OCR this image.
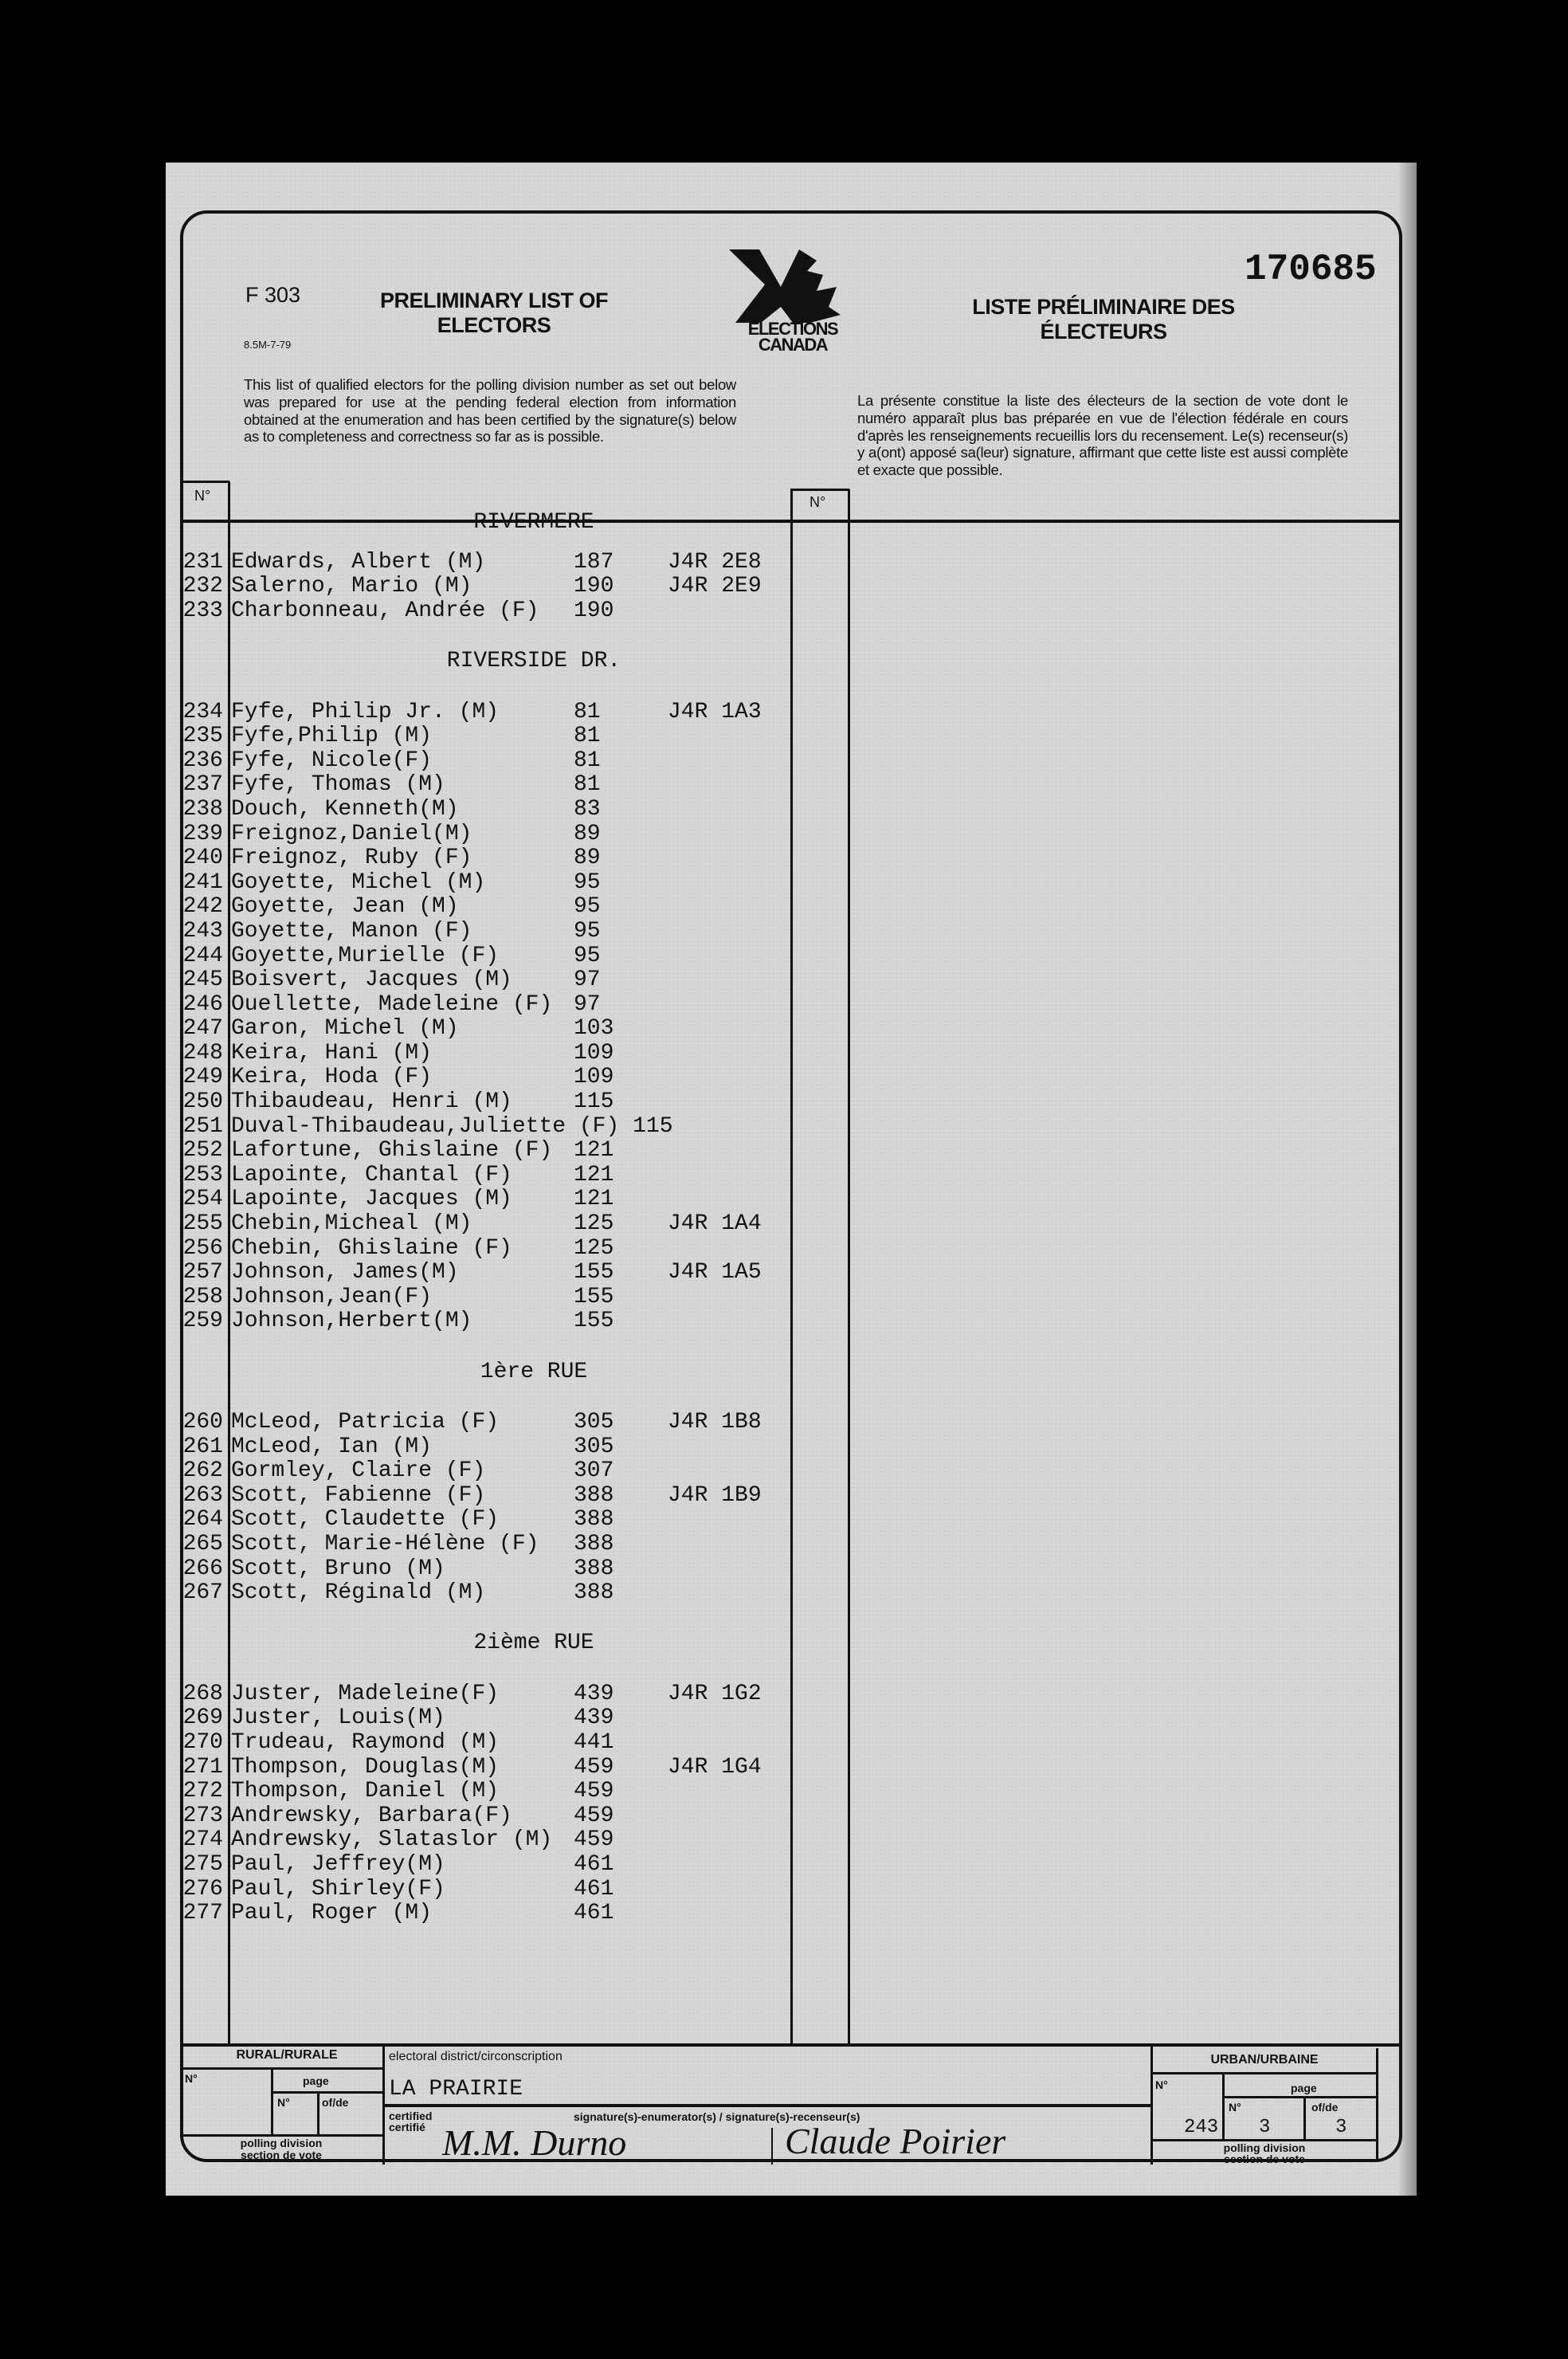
F 303
8.5M-7-79
PRELIMINARY LIST OF ELECTORS	ELECTIONS CANADA
170685
LISTE PRÉLIMINAIRE DES ÉLECTEURS
This list of qualified electors for the polling division number as set out below was prepared for use at the pending federal election from information obtained at the enumeration and has been certified by the signature(s) below as to completeness and correctness so far as is possible.
La présente constitue la liste des électeurs de la section de vote dont le numéro apparaît plus bas préparée en vue de l'élection fédérale en cours d'après les renseignements recueillis lors du recensement. Le(s) recenseur(s) y a(ont) apposé sa(leur) signature, affirmant que cette liste est aussi complète et exacte que possible.
N°	N°
RIVERMERE
231 Edwards, Albert (M)	187	J4R 2E8
232 Salerno, Mario (M)	190	J4R 2E9
233 Charbonneau, Andrée (F)	190
RIVERSIDE DR.
234 Fyfe, Philip Jr. (M)	81	J4R 1A3
235 Fyfe,Philip (M)	81
236 Fyfe, Nicole(F)	81
237 Fyfe, Thomas (M)	81
238 Douch, Kenneth(M)	83
239 Freignoz,Daniel(M)	89
240 Freignoz, Ruby (F)	89
241 Goyette, Michel (M)	95
242 Goyette, Jean (M)	95
243 Goyette, Manon (F)	95
244 Goyette,Murielle (F)	95
245 Boisvert, Jacques (M)	97
246 Ouellette, Madeleine (F) 97
247 Garon, Michel (M)	103
248 Keira, Hani (M)	109
249 Keira, Hoda (F)	109
250 Thibaudeau, Henri (M)	115
251 Duval-Thibaudeau,Juliette (F) 115
252 Lafortune, Ghislaine (F) 121
253 Lapointe, Chantal (F)	121
254 Lapointe, Jacques (M)	121
255 Chebin,Micheal (M)	125	J4R 1A4
256 Chebin, Ghislaine (F)	125
257 Johnson, James(M)	155	J4R 1A5
258 Johnson,Jean(F)	155
259 Johnson,Herbert(M)	155
1ère RUE
260 McLeod, Patricia (F)	305	J4R 1B8
261 McLeod, Ian (M)	305
262 Gormley, Claire (F)	307
263 Scott, Fabienne (F)	388	J4R 1B9
264 Scott, Claudette (F)	388
265 Scott, Marie-Hélène (F)	388
266 Scott, Bruno (M)	388
267 Scott, Réginald (M)	388
2ième RUE
268 Juster, Madeleine(F)	439	J4R 1G2
269 Juster, Louis(M)	439
270 Trudeau, Raymond (M)	441
271 Thompson, Douglas(M)	459	J4R 1G4
272 Thompson, Daniel (M)	459
273 Andrewsky, Barbara(F)	459
274 Andrewsky, Slataslor (M) 459
275 Paul, Jeffrey(M)	461
276 Paul, Shirley(F)	461
277 Paul, Roger (M)	461
RURAL/RURALE
N°	page
N°	of/de
polling division
section de vote
electoral district/circonscription
LA PRAIRIE
certified
certifié
signature(s)-enumerator(s) / signature(s)-recenseur(s)
M.M. Durno	Claude Poirier
URBAN/URBAINE
N°	page
N°	of/de
243 3	3
polling division
section de vote
